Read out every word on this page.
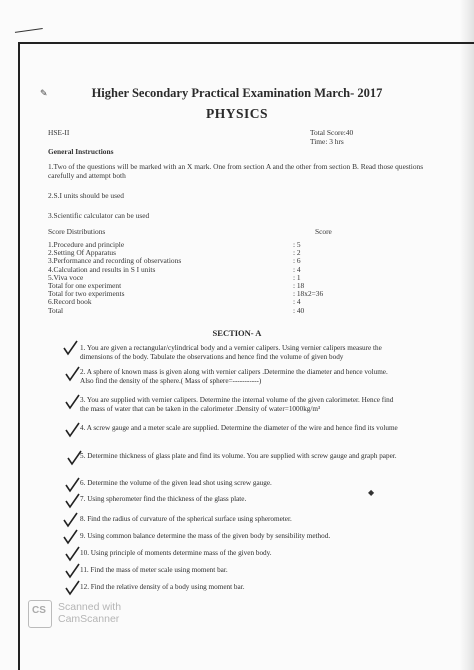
✎	Higher Secondary Practical Examination March- 2017
PHYSICS
HSE-II	Total Score:40
Time: 3 hrs
General Instructions

1.Two of the questions will be marked with an X mark. One from section A and the other from section B. Read those questions carefully and attempt both

2.S.I units should be used

3.Scientific calculator can be used

Score Distributions	Score
1.Procedure and principle	: 5
2.Setting Of Apparatus	: 2
3.Performance and recording of observations	: 6
4.Calculation and results in S I units	: 4
5.Viva voce	: 1
Total for one experiment	: 18
Total for two experiments	: 18x2=36
6.Record book	: 4
Total	: 40
SECTION- A
1. You are given a rectangular/cylindrical body and a vernier calipers. Using vernier calipers measure the dimensions of the body. Tabulate the observations and hence find the volume of given body
2. A sphere of known mass is given along with vernier calipers .Determine the diameter and hence volume. Also find the density of the sphere.( Mass of sphere=-----------)
3. You are supplied with vernier calipers. Determine the internal volume of the given calorimeter. Hence find the mass of water that can be taken in the calorimeter .Density of water=1000kg/m³
4. A screw gauge and a meter scale are supplied. Determine the diameter of the wire and hence find its volume
5. Determine thickness of glass plate and find its volume. You are supplied with screw gauge and graph paper.
6. Determine the volume of the given lead shot using screw gauge.
7. Using spherometer find the thickness of the glass plate.
8. Find the radius of curvature of the spherical surface using spherometer.
9. Using common balance determine the mass of the given body by sensibility method.
10. Using principle of moments determine mass of the given body.
11. Find the mass of meter scale using moment bar.
12. Find the relative density of a body using moment bar.
◆
CS Scanned with
CamScanner
